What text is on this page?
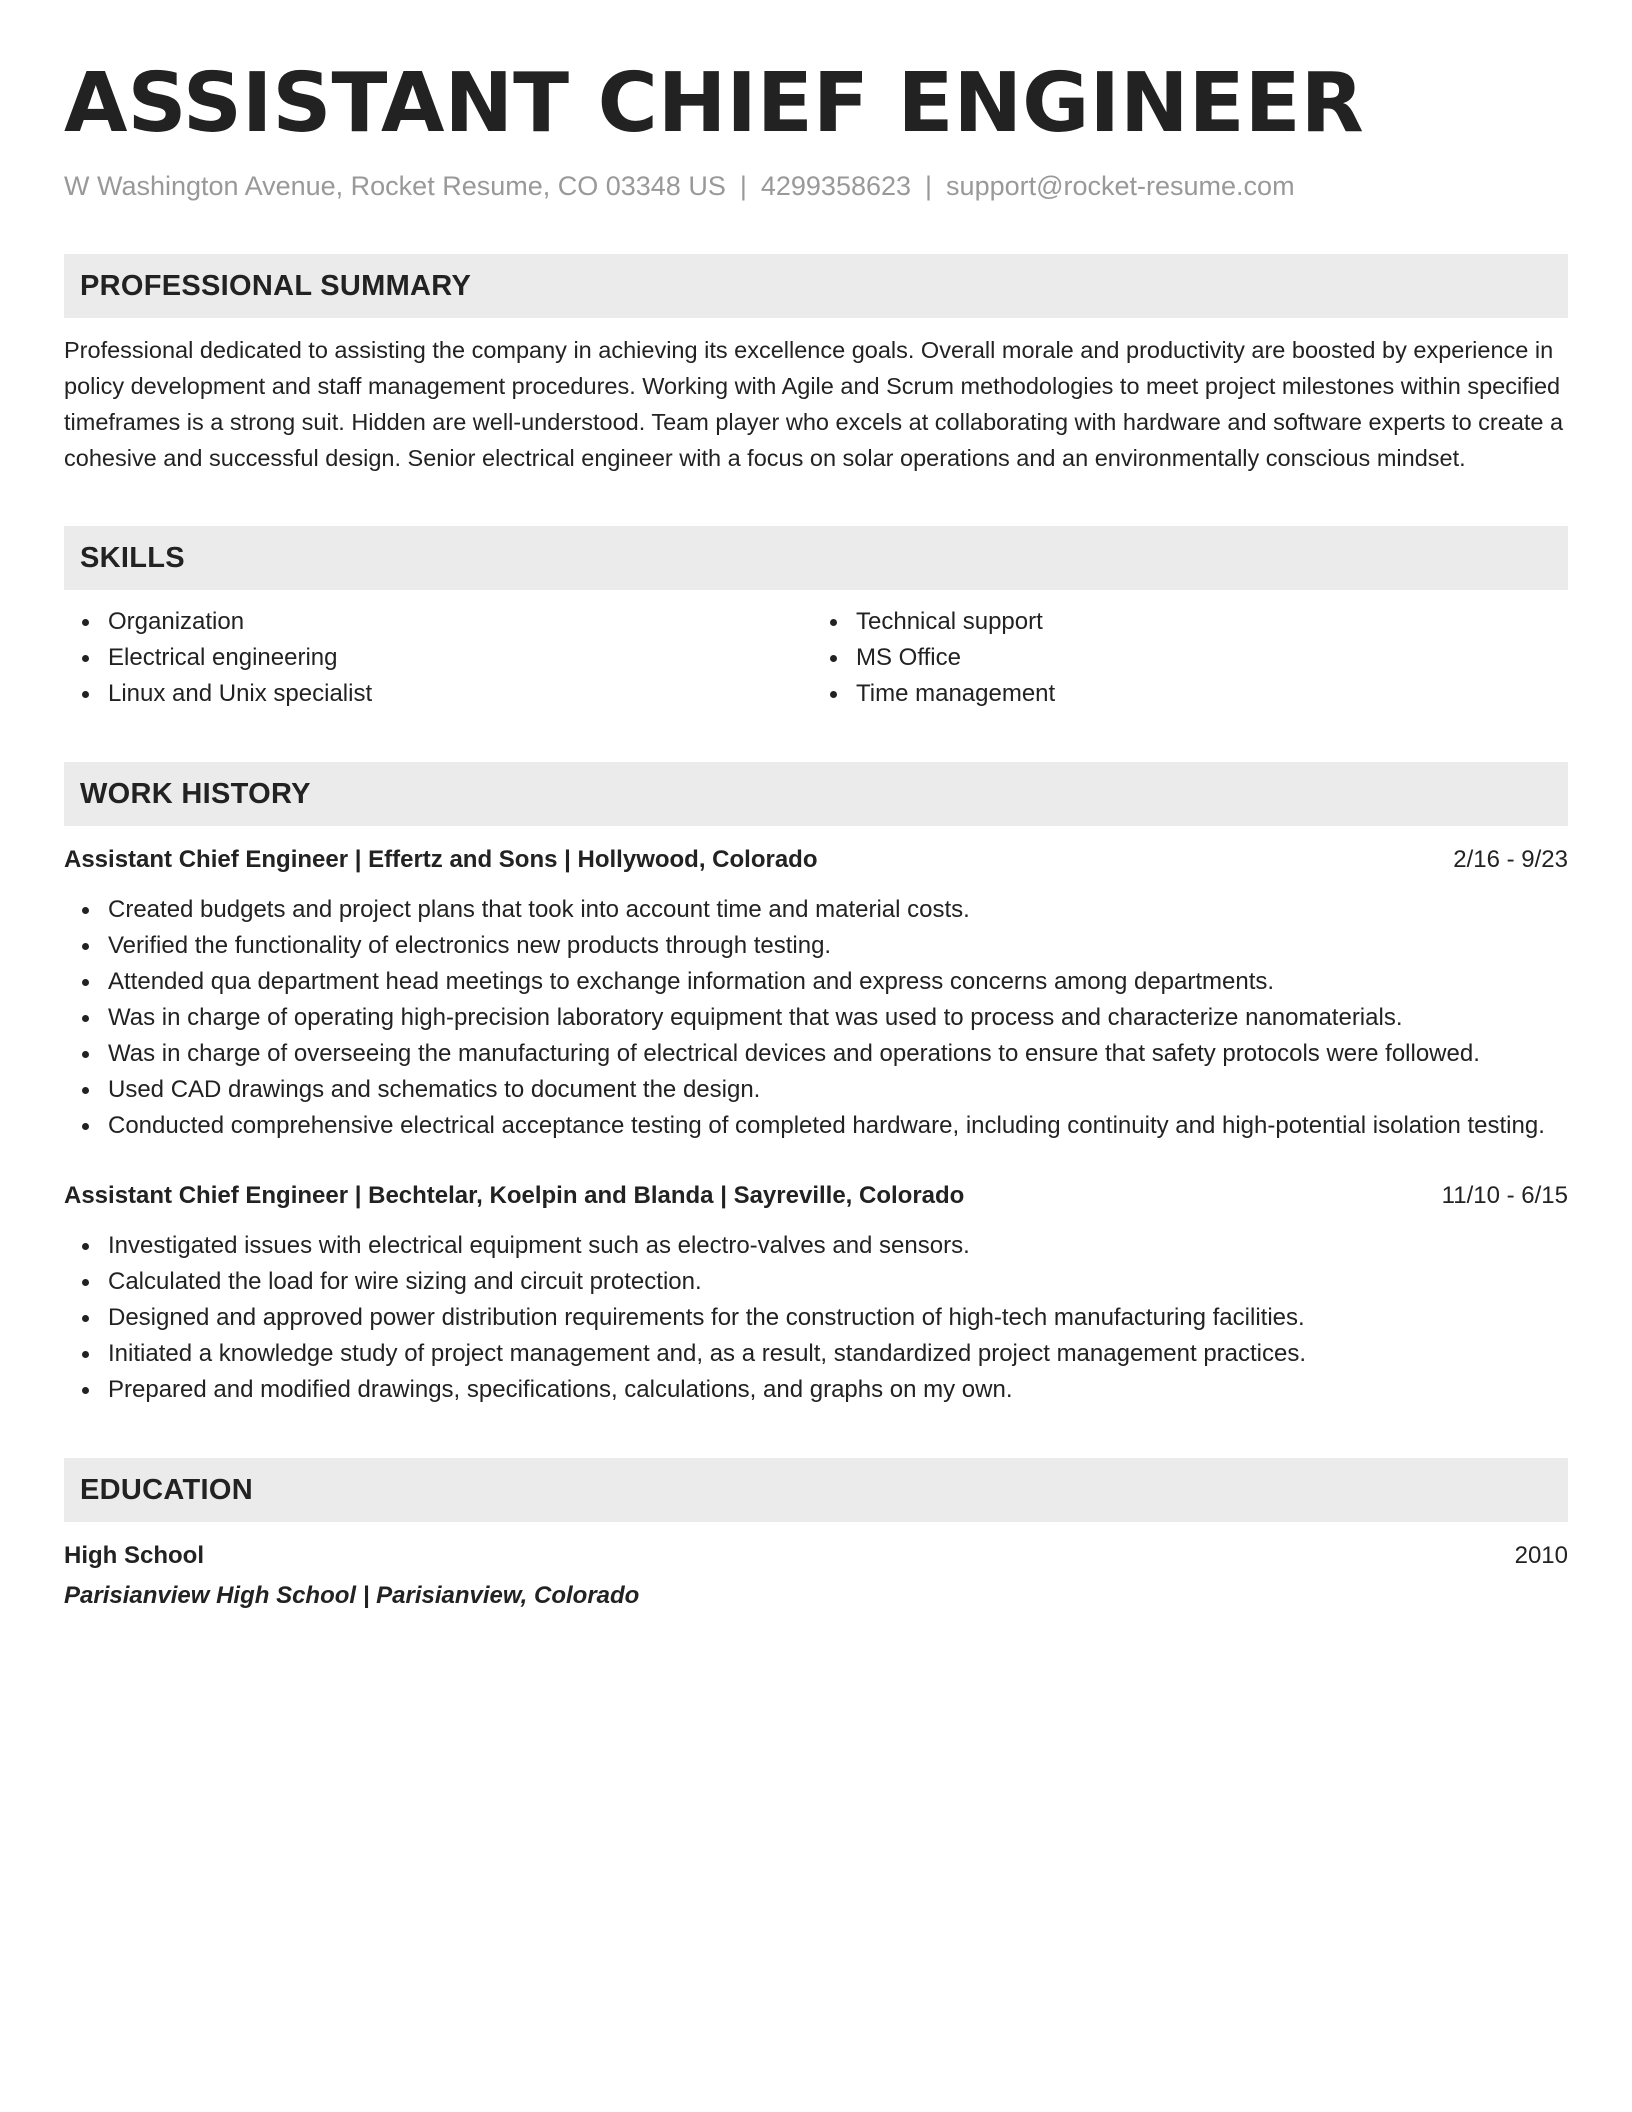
ASSISTANT CHIEF ENGINEER
W Washington Avenue, Rocket Resume, CO 03348 US | 4299358623 | support@rocket-resume.com
PROFESSIONAL SUMMARY
Professional dedicated to assisting the company in achieving its excellence goals. Overall morale and productivity are boosted by experience in policy development and staff management procedures. Working with Agile and Scrum methodologies to meet project milestones within specified timeframes is a strong suit. Hidden are well-understood. Team player who excels at collaborating with hardware and software experts to create a cohesive and successful design. Senior electrical engineer with a focus on solar operations and an environmentally conscious mindset.
SKILLS
Organization
Electrical engineering
Linux and Unix specialist
Technical support
MS Office
Time management
WORK HISTORY
Assistant Chief Engineer | Effertz and Sons | Hollywood, Colorado	2/16 - 9/23
Created budgets and project plans that took into account time and material costs.
Verified the functionality of electronics new products through testing.
Attended qua department head meetings to exchange information and express concerns among departments.
Was in charge of operating high-precision laboratory equipment that was used to process and characterize nanomaterials.
Was in charge of overseeing the manufacturing of electrical devices and operations to ensure that safety protocols were followed.
Used CAD drawings and schematics to document the design.
Conducted comprehensive electrical acceptance testing of completed hardware, including continuity and high-potential isolation testing.
Assistant Chief Engineer | Bechtelar, Koelpin and Blanda | Sayreville, Colorado	11/10 - 6/15
Investigated issues with electrical equipment such as electro-valves and sensors.
Calculated the load for wire sizing and circuit protection.
Designed and approved power distribution requirements for the construction of high-tech manufacturing facilities.
Initiated a knowledge study of project management and, as a result, standardized project management practices.
Prepared and modified drawings, specifications, calculations, and graphs on my own.
EDUCATION
High School	2010
Parisianview High School | Parisianview, Colorado
